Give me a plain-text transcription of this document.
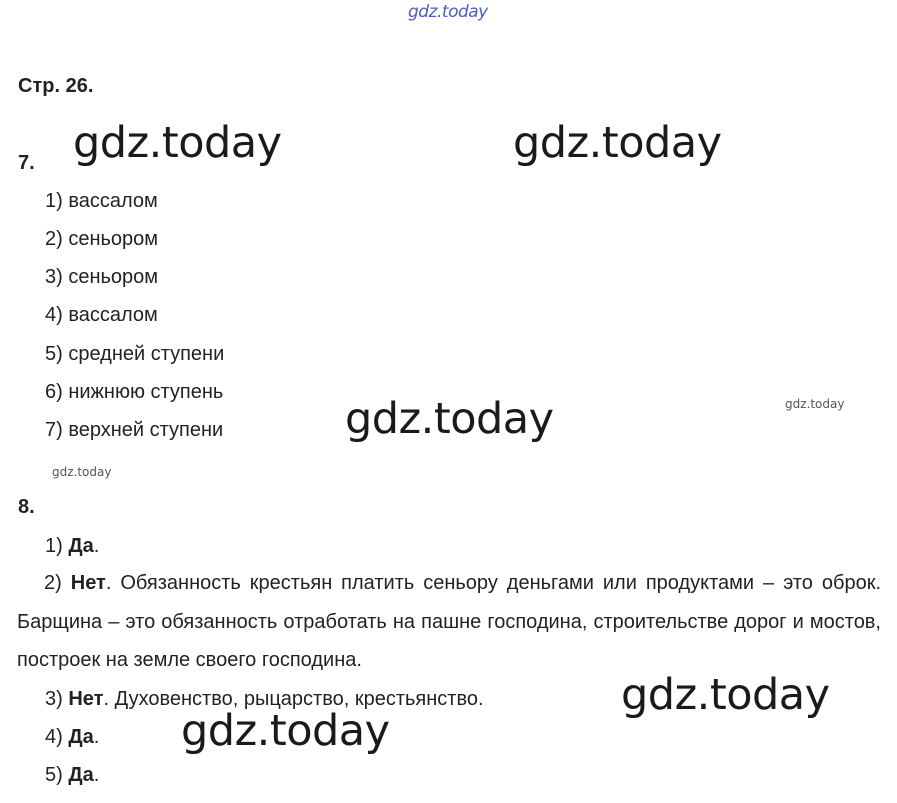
gdz.today
Стр. 26.
7. gdz.today	gdz.today
1) вассалом
2) сеньором
3) сеньором
4) вассалом
5) средней ступени
6) нижнюю ступень
7) верхней ступени	gdz.today	gdz.today
gdz.today
8.
1) Да.
2) Нет. Обязанность крестьян платить сеньору деньгами или продуктами – это оброк. Барщина – это обязанность отработать на пашне господина, строительстве дорог и мостов, построек на земле своего господина.
3) Нет. Духовенство, рыцарство, крестьянство.	gdz.today
4) Да. gdz.today
5) Да.
